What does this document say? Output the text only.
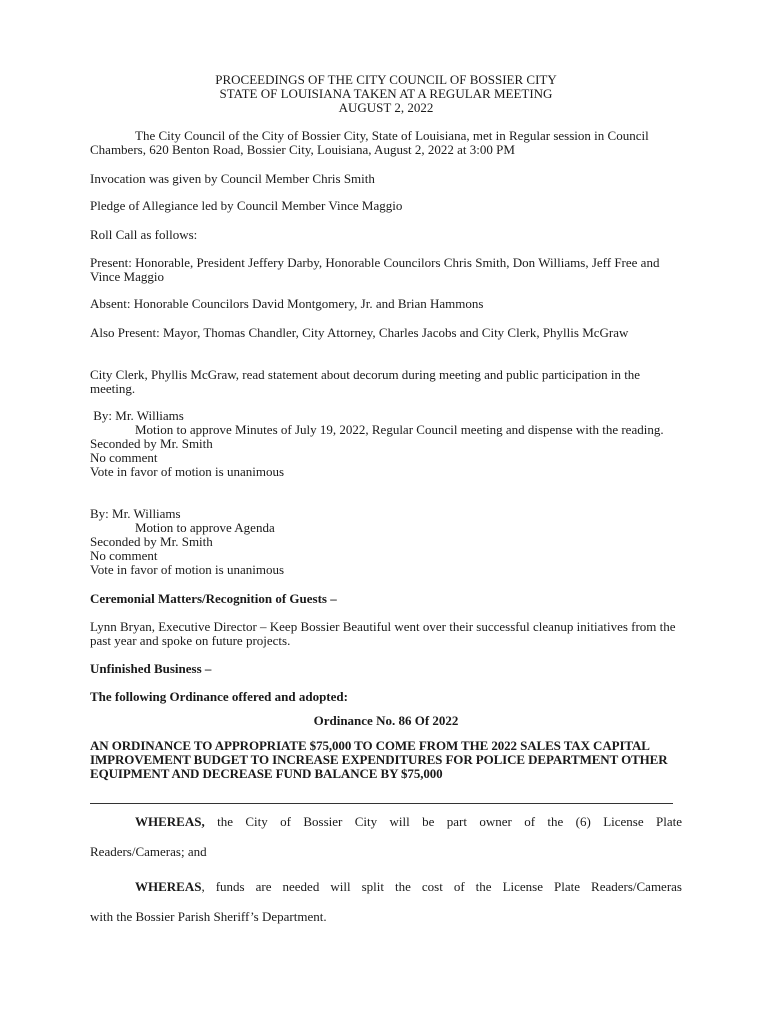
PROCEEDINGS OF THE CITY COUNCIL OF BOSSIER CITY
STATE OF LOUISIANA TAKEN AT A REGULAR MEETING
AUGUST 2, 2022

The City Council of the City of Bossier City, State of Louisiana, met in Regular session in Council Chambers, 620 Benton Road, Bossier City, Louisiana, August 2, 2022 at 3:00 PM

Invocation was given by Council Member Chris Smith

Pledge of Allegiance led by Council Member Vince Maggio

Roll Call as follows:

Present: Honorable, President Jeffery Darby, Honorable Councilors Chris Smith, Don Williams, Jeff Free and Vince Maggio

Absent: Honorable Councilors David Montgomery, Jr. and Brian Hammons

Also Present: Mayor, Thomas Chandler, City Attorney, Charles Jacobs and City Clerk, Phyllis McGraw

City Clerk, Phyllis McGraw, read statement about decorum during meeting and public participation in the meeting.

By: Mr. Williams
Motion to approve Minutes of July 19, 2022, Regular Council meeting and dispense with the reading.
Seconded by Mr. Smith
No comment
Vote in favor of motion is unanimous
By: Mr. Williams
Motion to approve Agenda
Seconded by Mr. Smith
No comment
Vote in favor of motion is unanimous

Ceremonial Matters/Recognition of Guests –

Lynn Bryan, Executive Director – Keep Bossier Beautiful went over their successful cleanup initiatives from the past year and spoke on future projects.

Unfinished Business –

The following Ordinance offered and adopted:

Ordinance No. 86 Of 2022

AN ORDINANCE TO APPROPRIATE $75,000 TO COME FROM THE 2022 SALES TAX CAPITAL IMPROVEMENT BUDGET TO INCREASE EXPENDITURES FOR POLICE DEPARTMENT OTHER EQUIPMENT AND DECREASE FUND BALANCE BY $75,000

WHEREAS, the City of Bossier City will be part owner of the (6) License Plate
Readers/Cameras; and
WHEREAS, funds are needed will split the cost of the License Plate Readers/Cameras
with the Bossier Parish Sheriff’s Department.
